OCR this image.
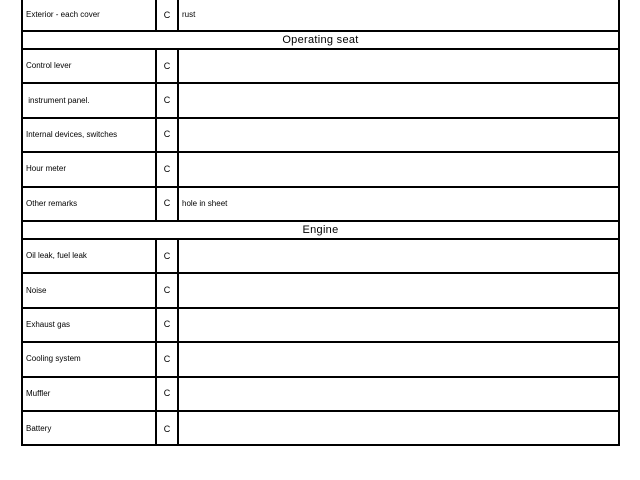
Exterior - each cover	C	rust
Operating seat
Control lever	C
instrument panel.	C
Internal devices, switches	C
Hour meter	C
Other remarks	C	hole in sheet
Engine
Oil leak, fuel leak	C
Noise	C
Exhaust gas	C
Cooling system	C
Muffler	C
Battery	C
